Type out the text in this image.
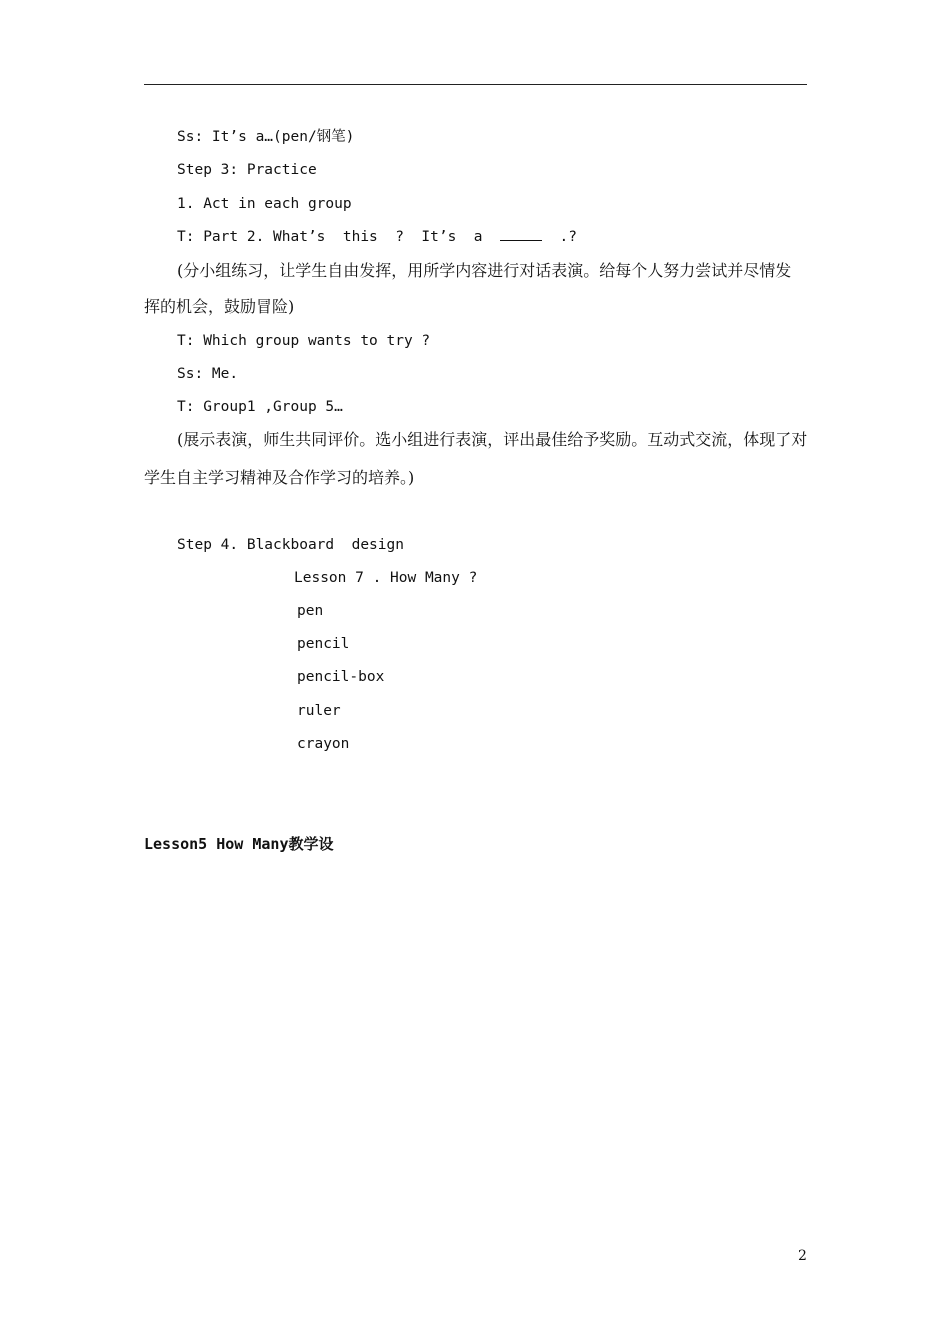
Ss: It’s a…(pen/钢笔)
Step 3: Practice
1. Act in each group
T: Part 2. What’s  this  ?  It’s  a	.?
(分小组练习，让学生自由发挥，用所学内容进行对话表演。给每个人努力尝试并尽情发
挥的机会，鼓励冒险)
T: Which group wants to try ?
Ss: Me.
T: Group1 ,Group 5…
(展示表演，师生共同评价。选小组进行表演，评出最佳给予奖励。互动式交流，体现了对
学生自主学习精神及合作学习的培养。)
Step 4. Blackboard  design
Lesson 7 . How Many ?
pen
pencil
pencil-box
ruler
crayon
Lesson5 How Many教学设
2
